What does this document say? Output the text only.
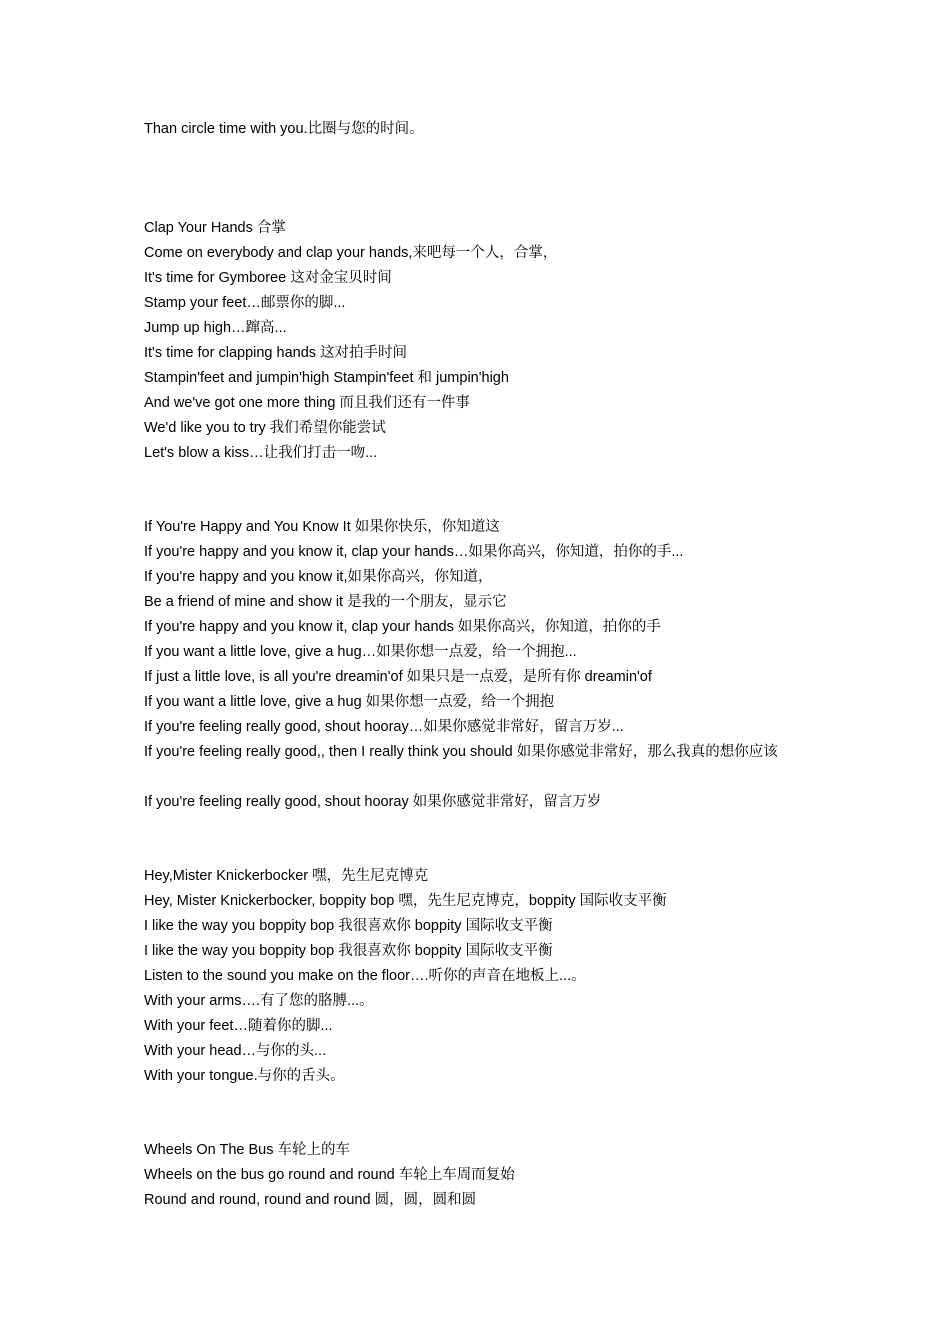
Than circle time with you.比圈与您的时间。
Clap Your Hands 合掌
Come on everybody and clap your hands,来吧每一个人，合掌，
It's time for Gymboree 这对金宝贝时间
Stamp your feet…邮票你的脚...
Jump up high…蹿高...
It's time for clapping hands 这对拍手时间
Stampin'feet and jumpin'high Stampin'feet 和 jumpin'high
And we've got one more thing 而且我们还有一件事
We'd like you to try 我们希望你能尝试
Let's blow a kiss…让我们打击一吻...
If You're Happy and You Know It 如果你快乐，你知道这
If you're happy and you know it, clap your hands…如果你高兴，你知道，拍你的手...
If you're happy and you know it,如果你高兴，你知道，
Be a friend of mine and show it 是我的一个朋友，显示它
If you're happy and you know it, clap your hands 如果你高兴，你知道，拍你的手
If you want a little love, give a hug…如果你想一点爱，给一个拥抱...
If just a little love, is all you're dreamin'of 如果只是一点爱，是所有你 dreamin'of
If you want a little love, give a hug 如果你想一点爱，给一个拥抱
If you're feeling really good, shout hooray…如果你感觉非常好，留言万岁...
If you're feeling really good,, then I really think you should 如果你感觉非常好，那么我真的想你应该
If you're feeling really good, shout hooray 如果你感觉非常好，留言万岁
Hey,Mister Knickerbocker 嘿，先生尼克博克
Hey, Mister Knickerbocker, boppity bop 嘿，先生尼克博克，boppity 国际收支平衡
I like the way you boppity bop 我很喜欢你 boppity 国际收支平衡
I like the way you boppity bop 我很喜欢你 boppity 国际收支平衡
Listen to the sound you make on the floor….听你的声音在地板上...。
With your arms….有了您的胳膊...。
With your feet…随着你的脚...
With your head…与你的头...
With your tongue.与你的舌头。
Wheels On The Bus 车轮上的车
Wheels on the bus go round and round 车轮上车周而复始
Round and round, round and round 圆，圆，圆和圆
